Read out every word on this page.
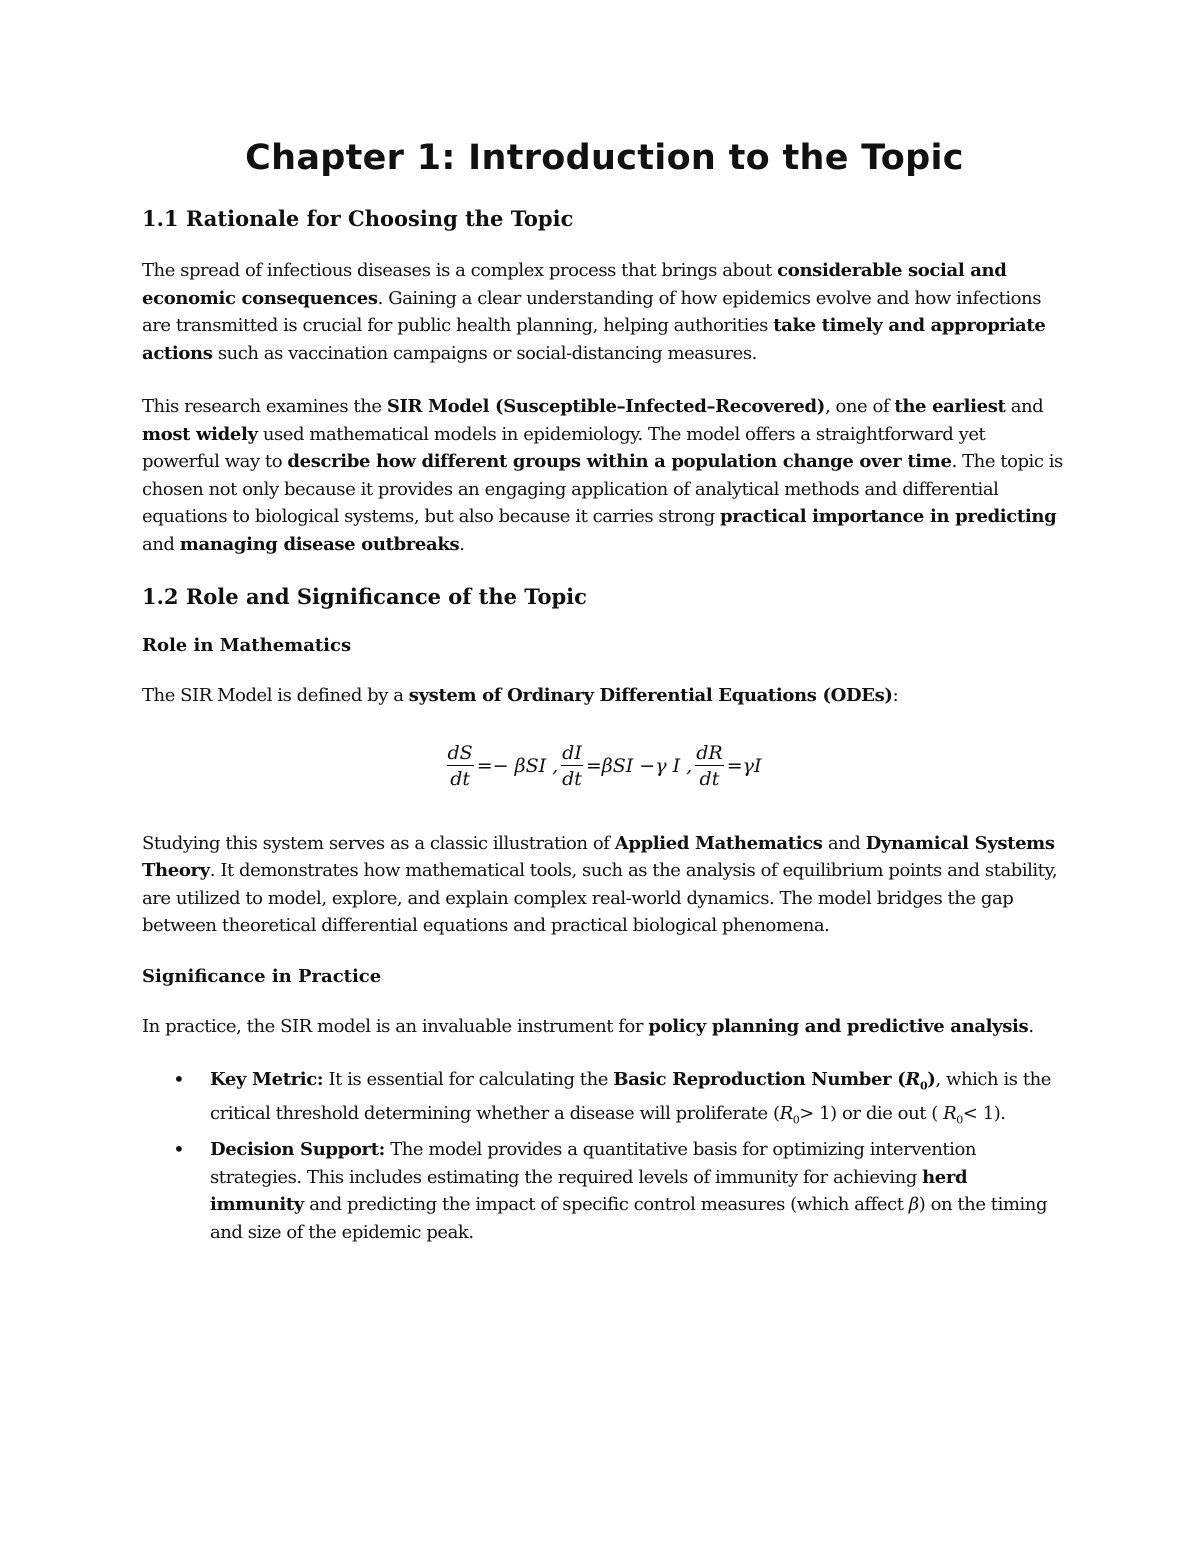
Chapter 1: Introduction to the Topic
1.1 Rationale for Choosing the Topic

The spread of infectious diseases is a complex process that brings about considerable social and economic consequences. Gaining a clear understanding of how epidemics evolve and how infections are transmitted is crucial for public health planning, helping authorities take timely and appropriate actions such as vaccination campaigns or social-distancing measures.

This research examines the SIR Model (Susceptible–Infected–Recovered), one of the earliest and most widely used mathematical models in epidemiology. The model offers a straightforward yet powerful way to describe how different groups within a population change over time. The topic is chosen not only because it provides an engaging application of analytical methods and differential equations to biological systems, but also because it carries strong practical importance in predicting and managing disease outbreaks.

1.2 Role and Significance of the Topic
Role in Mathematics

The SIR Model is defined by a system of Ordinary Differential Equations (ODEs):

$\frac{dS}{dt} =- \beta SI$ , $\frac{dI}{dt} =\beta SI -\gamma$ I , $\frac{dR}{dt} =\gamma I$

Studying this system serves as a classic illustration of Applied Mathematics and Dynamical Systems Theory. It demonstrates how mathematical tools, such as the analysis of equilibrium points and stability, are utilized to model, explore, and explain complex real-world dynamics. The model bridges the gap between theoretical differential equations and practical biological phenomena.

Significance in Practice

In practice, the SIR model is an invaluable instrument for policy planning and predictive analysis.

• Key Metric: It is essential for calculating the Basic Reproduction Number $(R_0)$, which is the critical threshold determining whether a disease will proliferate $(R_0> 1)$ or die out ( $R_0< 1$).
• Decision Support: The model provides a quantitative basis for optimizing intervention strategies. This includes estimating the required levels of immunity for achieving herd immunity and predicting the impact of specific control measures (which affect β) on the timing and size of the epidemic peak.
